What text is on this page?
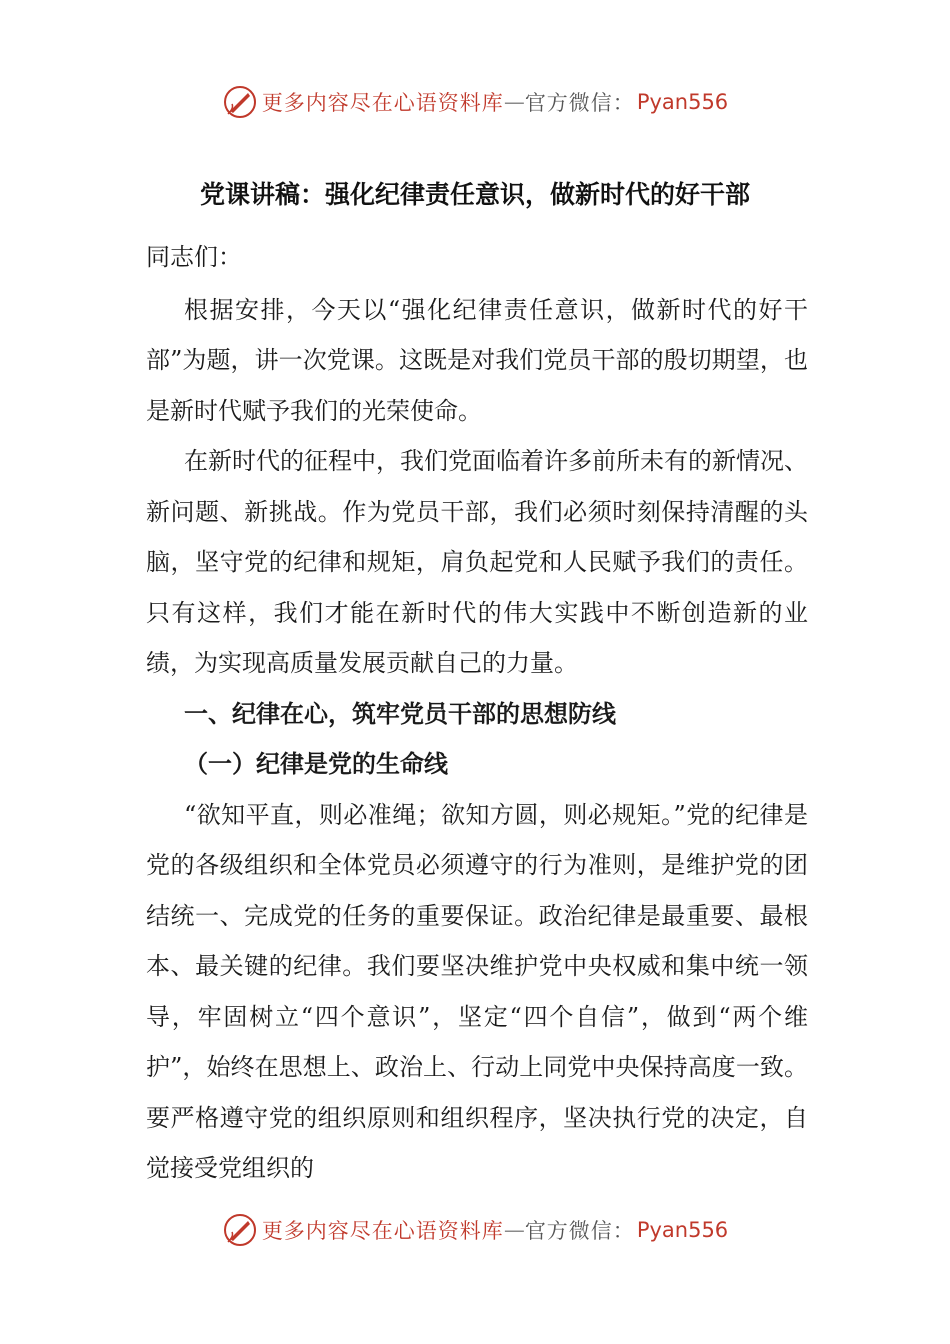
更多内容尽在心语资料库 — 官方微信： Pyan556
党课讲稿：强化纪律责任意识，做新时代的好干部

同志们：

根据安排，今天以“强化纪律责任意识，做新时代的好干部”为题，讲一次党课。这既是对我们党员干部的殷切期望，也是新时代赋予我们的光荣使命。

在新时代的征程中，我们党面临着许多前所未有的新情况、新问题、新挑战。作为党员干部，我们必须时刻保持清醒的头脑，坚守党的纪律和规矩，肩负起党和人民赋予我们的责任。只有这样，我们才能在新时代的伟大实践中不断创造新的业绩，为实现高质量发展贡献自己的力量。

一、纪律在心，筑牢党员干部的思想防线

（一）纪律是党的生命线

“欲知平直，则必准绳；欲知方圆，则必规矩。”党的纪律是党的各级组织和全体党员必须遵守的行为准则，是维护党的团结统一、完成党的任务的重要保证。政治纪律是最重要、最根本、最关键的纪律。我们要坚决维护党中央权威和集中统一领导，牢固树立“四个意识”，坚定“四个自信”，做到“两个维护”，始终在思想上、政治上、行动上同党中央保持高度一致。要严格遵守党的组织原则和组织程序，坚决执行党的决定，自觉接受党组织的

更多内容尽在心语资料库 — 官方微信： Pyan556
